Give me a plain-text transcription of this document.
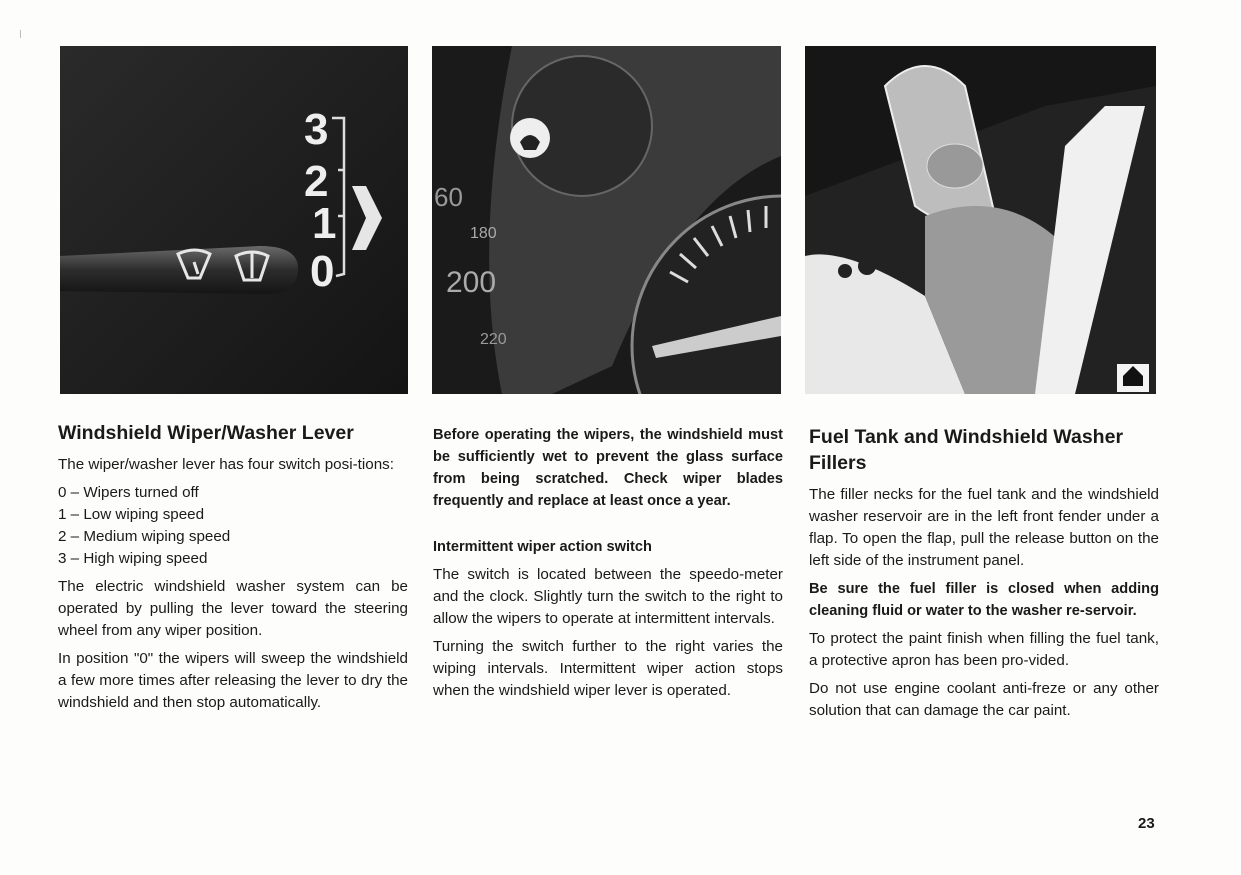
3
2
1
0
60
180
200
220
Windshield Wiper/Washer Lever

The wiper/washer lever has four switch posi-tions:

0 – Wipers turned off
1 – Low wiping speed
2 – Medium wiping speed
3 – High wiping speed

The electric windshield washer system can be operated by pulling the lever toward the steering wheel from any wiper position.

In position "0" the wipers will sweep the windshield a few more times after releasing the lever to dry the windshield and then stop automatically.

Before operating the wipers, the windshield must be sufficiently wet to prevent the glass surface from being scratched. Check wiper blades frequently and replace at least once a year.

Intermittent wiper action switch

The switch is located between the speedo-meter and the clock. Slightly turn the switch to the right to allow the wipers to operate at intermittent intervals.

Turning the switch further to the right varies the wiping intervals. Intermittent wiper action stops when the windshield wiper lever is operated.

Fuel Tank and Windshield Washer Fillers

The filler necks for the fuel tank and the windshield washer reservoir are in the left front fender under a flap. To open the flap, pull the release button on the left side of the instrument panel.

Be sure the fuel filler is closed when adding cleaning fluid or water to the washer re-servoir.

To protect the paint finish when filling the fuel tank, a protective apron has been pro-vided.

Do not use engine coolant anti-freze or any other solution that can damage the car paint.

23
